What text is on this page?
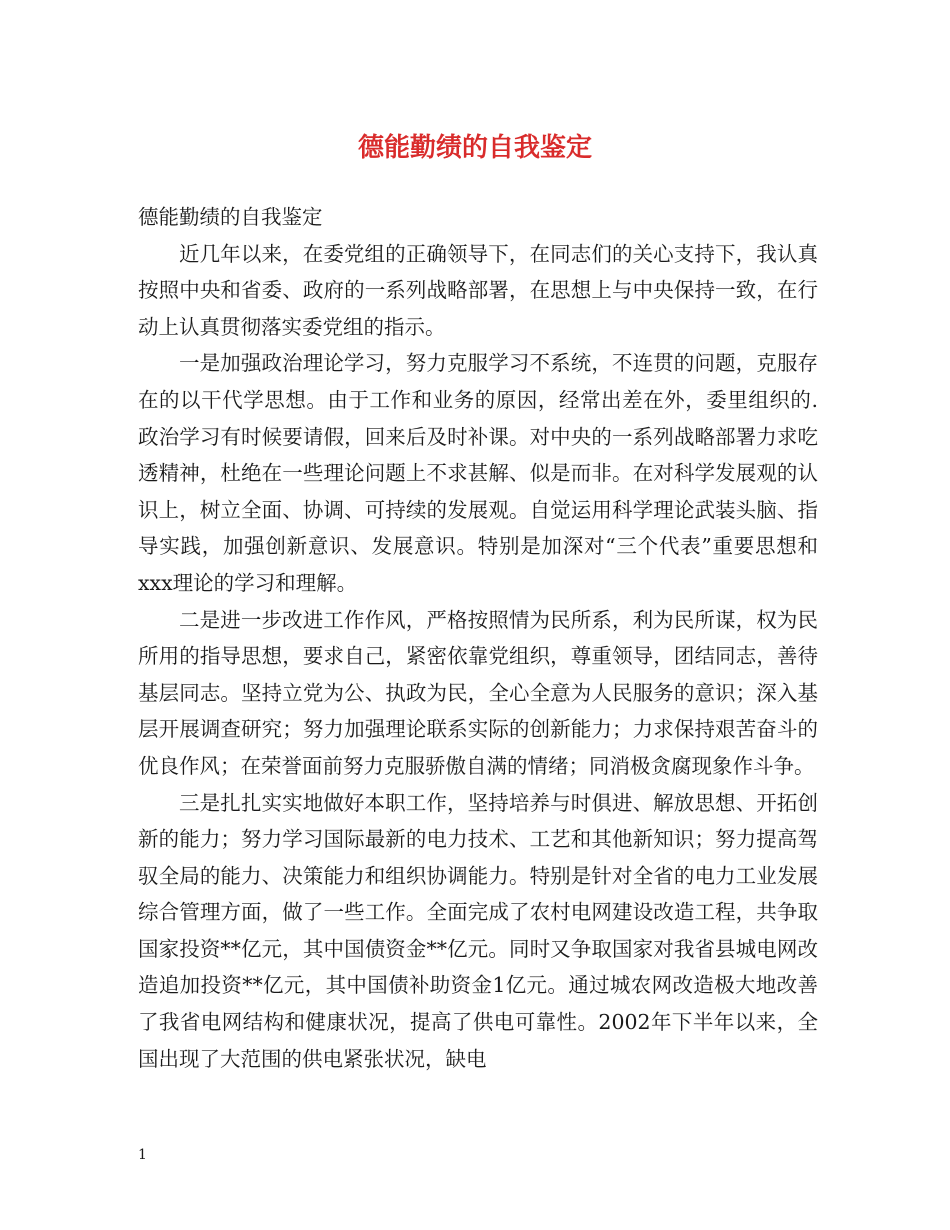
德能勤绩的自我鉴定

德能勤绩的自我鉴定

近几年以来，在委党组的正确领导下，在同志们的关心支持下，我认真按照中央和省委、政府的一系列战略部署，在思想上与中央保持一致，在行动上认真贯彻落实委党组的指示。

一是加强政治理论学习，努力克服学习不系统，不连贯的问题，克服存在的以干代学思想。由于工作和业务的原因，经常出差在外，委里组织的.政治学习有时候要请假，回来后及时补课。对中央的一系列战略部署力求吃透精神，杜绝在一些理论问题上不求甚解、似是而非。在对科学发展观的认识上，树立全面、协调、可持续的发展观。自觉运用科学理论武装头脑、指导实践，加强创新意识、发展意识。特别是加深对“三个代表”重要思想和xxx理论的学习和理解。

二是进一步改进工作作风，严格按照情为民所系，利为民所谋，权为民所用的指导思想，要求自己，紧密依靠党组织，尊重领导，团结同志，善待基层同志。坚持立党为公、执政为民，全心全意为人民服务的意识；深入基层开展调查研究；努力加强理论联系实际的创新能力；力求保持艰苦奋斗的优良作风；在荣誉面前努力克服骄傲自满的情绪；同消极贪腐现象作斗争。

三是扎扎实实地做好本职工作，坚持培养与时俱进、解放思想、开拓创新的能力；努力学习国际最新的电力技术、工艺和其他新知识；努力提高驾驭全局的能力、决策能力和组织协调能力。特别是针对全省的电力工业发展综合管理方面，做了一些工作。全面完成了农村电网建设改造工程，共争取国家投资**亿元，其中国债资金**亿元。同时又争取国家对我省县城电网改造追加投资**亿元，其中国债补助资金1亿元。通过城农网改造极大地改善了我省电网结构和健康状况，提高了供电可靠性。2002年下半年以来，全国出现了大范围的供电紧张状况，缺电

1
